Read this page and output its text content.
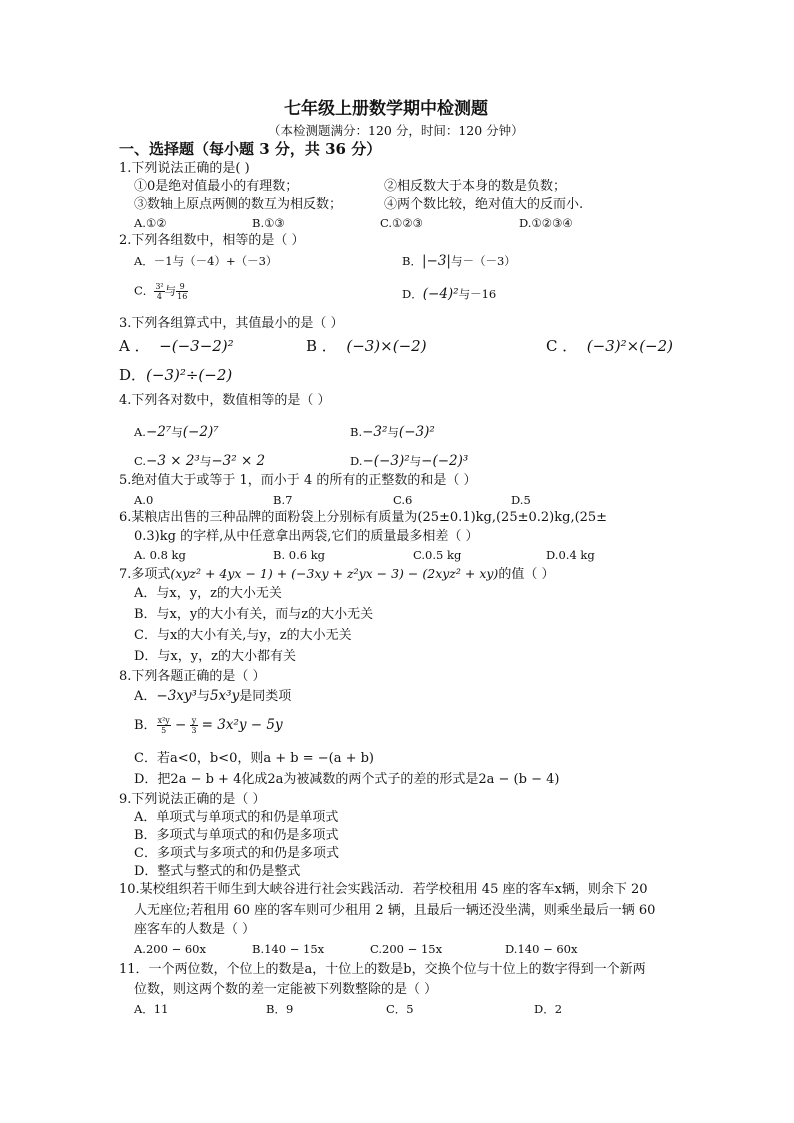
七年级上册数学期中检测题
（本检测题满分：120 分，时间：120 分钟）
一、选择题（每小题 3 分，共 36 分）
1.下列说法正确的是( )
①0是绝对值最小的有理数；	②相反数大于本身的数是负数；
③数轴上原点两侧的数互为相反数；	④两个数比较，绝对值大的反而小.
A.①②	B.①③	C.①②③	D.①②③④
2.下列各组数中，相等的是（ ）
A．－1与（－4）+（－3）	B．|−3|与－（－3）
C． $\frac{\text{3²}}{4}$ 与 $\frac{9}{16}$	D．(−4)²与－16
3.下列各组算式中，其值最小的是（ ）
A ． −(−3−2)²	B ． (−3)×(−2)	C ． (−3)²×(−2)
D．(−3)²÷(−2)
4.下列各对数中，数值相等的是（ ）
A.−2⁷与(−2)⁷	B.−3²与(−3)²
C.−3 × 2³与−3² × 2	D.−(−3)²与−(−2)³
5.绝对值大于或等于 1，而小于 4 的所有的正整数的和是（ ）
A.0	B.7	C.6	D.5
6.某粮店出售的三种品牌的面粉袋上分别标有质量为(25±0.1)kg,(25±0.2)kg,(25±
0.3)kg 的字样,从中任意拿出两袋,它们的质量最多相差（ ）
A. 0.8 kg	B. 0.6 kg	C.0.5 kg	D.0.4 kg
7.多项式(xyz² + 4yx − 1) + (−3xy + z²yx − 3) − (2xyz² + xy)的值（ ）
A．与x，y，z的大小无关
B．与x，y的大小有关，而与z的大小无关
C．与x的大小有关,与y，z的大小无关
D．与x，y，z的大小都有关
8.下列各题正确的是（ ）
A．−3xy³与5x³y是同类项
B． $\frac{\text{x²y}}{5} - \frac{y}{3} = 3x^2y - 5y$
C．若a<0，b<0，则a + b = −(a + b)
D．把2a − b + 4化成2a为被减数的两个式子的差的形式是2a − (b − 4)
9.下列说法正确的是（ ）
A．单项式与单项式的和仍是单项式
B．多项式与单项式的和仍是多项式
C．多项式与多项式的和仍是多项式
D．整式与整式的和仍是整式
10.某校组织若干师生到大峡谷进行社会实践活动．若学校租用 45 座的客车x辆，则余下 20
人无座位;若租用 60 座的客车则可少租用 2 辆，且最后一辆还没坐满，则乘坐最后一辆 60
座客车的人数是（ ）
A.200 − 60x	B.140 − 15x	C.200 − 15x	D.140 − 60x
11．一个两位数，个位上的数是a，十位上的数是b，交换个位与十位上的数字得到一个新两
位数，则这两个数的差一定能被下列数整除的是（ ）
A．11	B．9	C．5	D．2
